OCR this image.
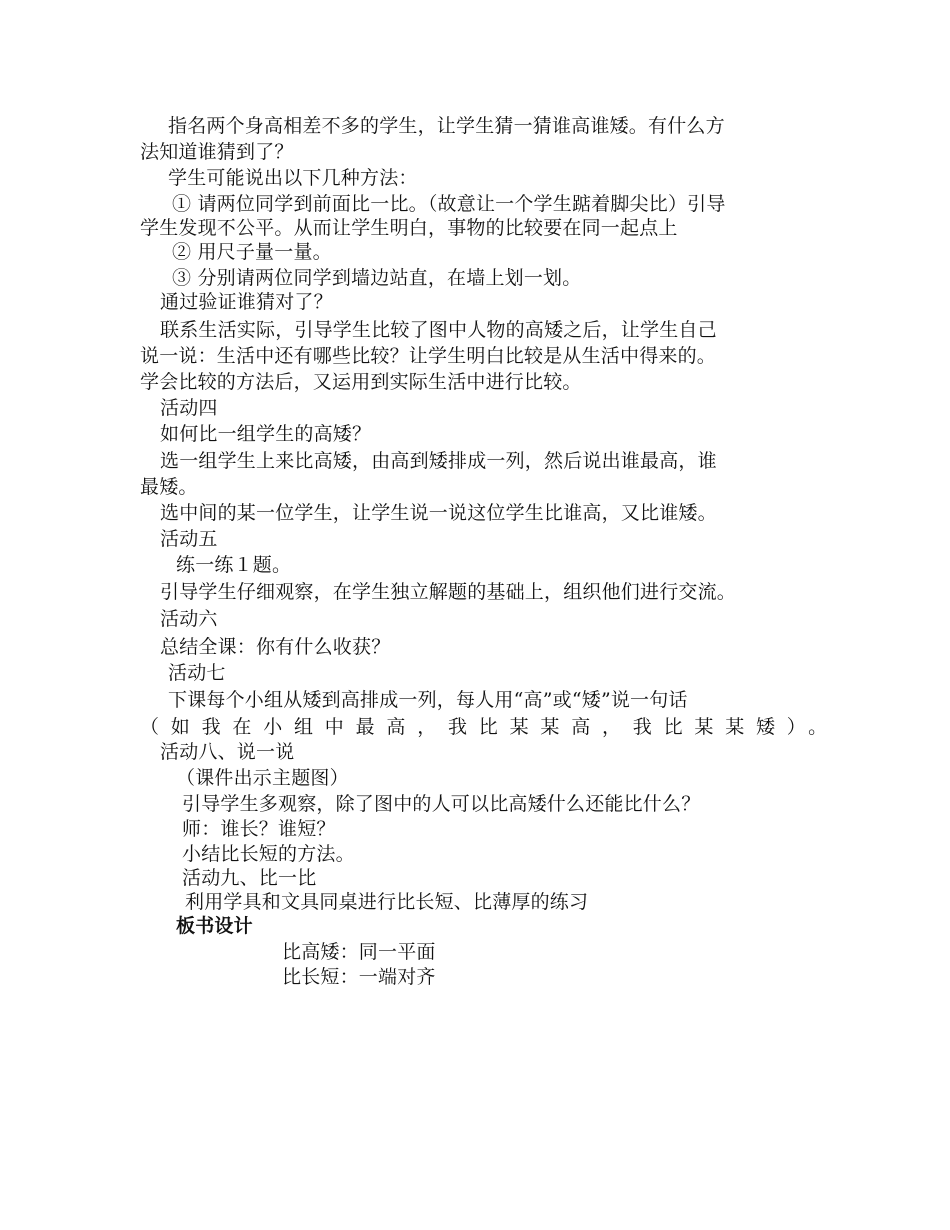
指名两个身高相差不多的学生，让学生猜一猜谁高谁矮。有什么方
法知道谁猜到了？
学生可能说出以下几种方法：
① 请两位同学到前面比一比。（故意让一个学生踮着脚尖比）引导
学生发现不公平。从而让学生明白，事物的比较要在同一起点上
② 用尺子量一量。
③ 分别请两位同学到墙边站直，在墙上划一划。
通过验证谁猜对了？
联系生活实际，引导学生比较了图中人物的高矮之后，让学生自己
说一说：生活中还有哪些比较？让学生明白比较是从生活中得来的。
学会比较的方法后，又运用到实际生活中进行比较。
活动四
如何比一组学生的高矮？
选一组学生上来比高矮，由高到矮排成一列，然后说出谁最高，谁
最矮。
选中间的某一位学生，让学生说一说这位学生比谁高，又比谁矮。
活动五
练一练１题。
引导学生仔细观察，在学生独立解题的基础上，组织他们进行交流。
活动六
总结全课：你有什么收获？
活动七
下课每个小组从矮到高排成一列，每人用“高”或“矮”说一句话
（如我在小组中最高，我比某某高，我比某某矮）。
活动八、说一说
（课件出示主题图）
引导学生多观察，除了图中的人可以比高矮什么还能比什么？
师：谁长？谁短？
小结比长短的方法。
活动九、比一比
利用学具和文具同桌进行比长短、比薄厚的练习
板书设计
比高矮：同一平面
比长短：一端对齐
